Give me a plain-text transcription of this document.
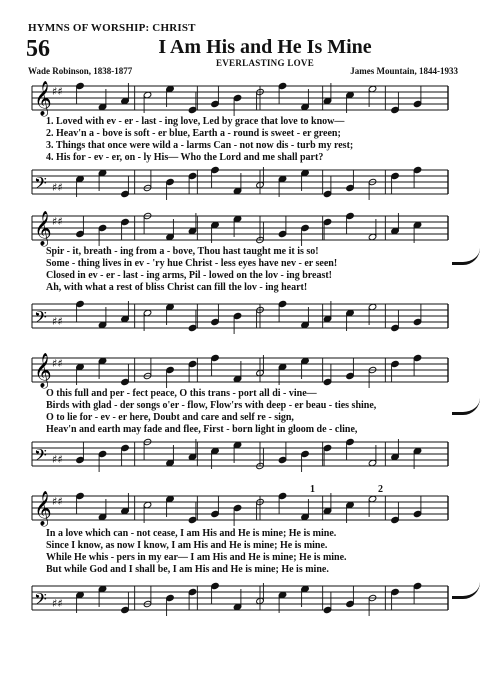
HYMNS OF WORSHIP: CHRIST
56	I Am His and He Is Mine
EVERLASTING LOVE
Wade Robinson, 1838-1877	James Mountain, 1844-1933
𝄞 ♯♯
1. Loved with ev - er - last - ing love, Led by grace that love to know—
2. Heav'n a - bove is soft - er blue, Earth a - round is sweet - er green;
3. Things that once were wild a - larms Can - not now dis - turb my rest;
4. His for - ev - er, on - ly His— Who the Lord and me shall part?
𝄢 ♯♯
𝄞 ♯♯
Spir - it, breath - ing from a - bove, Thou hast taught me it is so!
Some - thing lives in ev - 'ry hue Christ - less eyes have nev - er seen!
Closed in ev - er - last - ing arms, Pil - lowed on the lov - ing breast!
Ah, with what a rest of bliss Christ can fill the lov - ing heart!
𝄢 ♯♯
𝄞 ♯♯
O this full and per - fect peace, O this trans - port all di - vine—
Birds with glad - der songs o'er - flow, Flow'rs with deep - er beau - ties shine,
O to lie for - ev - er here, Doubt and care and self re - sign,
Heav'n and earth may fade and flee, First - born light in gloom de - cline,
𝄢 ♯♯
𝄞 ♯♯
1	2
In a love which can - not cease, I am His and He is mine; He is mine.
Since I know, as now I know, I am His and He is mine; He is mine.
While He whis - pers in my ear— I am His and He is mine; He is mine.
But while God and I shall be, I am His and He is mine; He is mine.
𝄢 ♯♯
